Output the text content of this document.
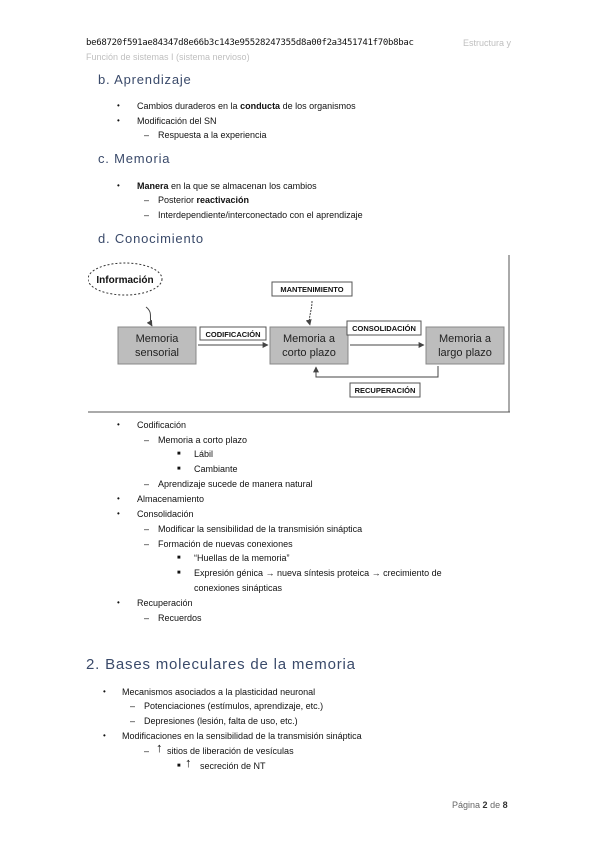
be68720f591ae84347d8e66b3c143e95528247355d8a00f2a3451741f70b8bac	Estructura y
Función de sistemas I (sistema nervioso)
b. Aprendizaje
• Cambios duraderos en la conducta de los organismos
• Modificación del SN
– Respuesta a la experiencia
c. Memoria
• Manera en la que se almacenan los cambios
– Posterior reactivación
– Interdependiente/interconectado con el aprendizaje
d. Conocimiento
Información
Memoria
sensorial
CODIFICACIÓN
MANTENIMIENTO
Memoria a
corto plazo
CONSOLIDACIÓN
Memoria a
largo plazo
RECUPERACIÓN
• Codificación
– Memoria a corto plazo
■ Lábil
■ Cambiante
– Aprendizaje sucede de manera natural
• Almacenamiento
• Consolidación
– Modificar la sensibilidad de la transmisión sináptica
– Formación de nuevas conexiones
■ “Huellas de la memoria”
■ Expresión génica → nueva síntesis proteica → crecimiento de
conexiones sinápticas
• Recuperación
– Recuerdos
2. Bases moleculares de la memoria
• Mecanismos asociados a la plasticidad neuronal
– Potenciaciones (estímulos, aprendizaje, etc.)
– Depresiones (lesión, falta de uso, etc.)
• Modificaciones en la sensibilidad de la transmisión sináptica
– ↑ sitios de liberación de vesículas
■ ↑ secreción de NT
Página 2 de 8
